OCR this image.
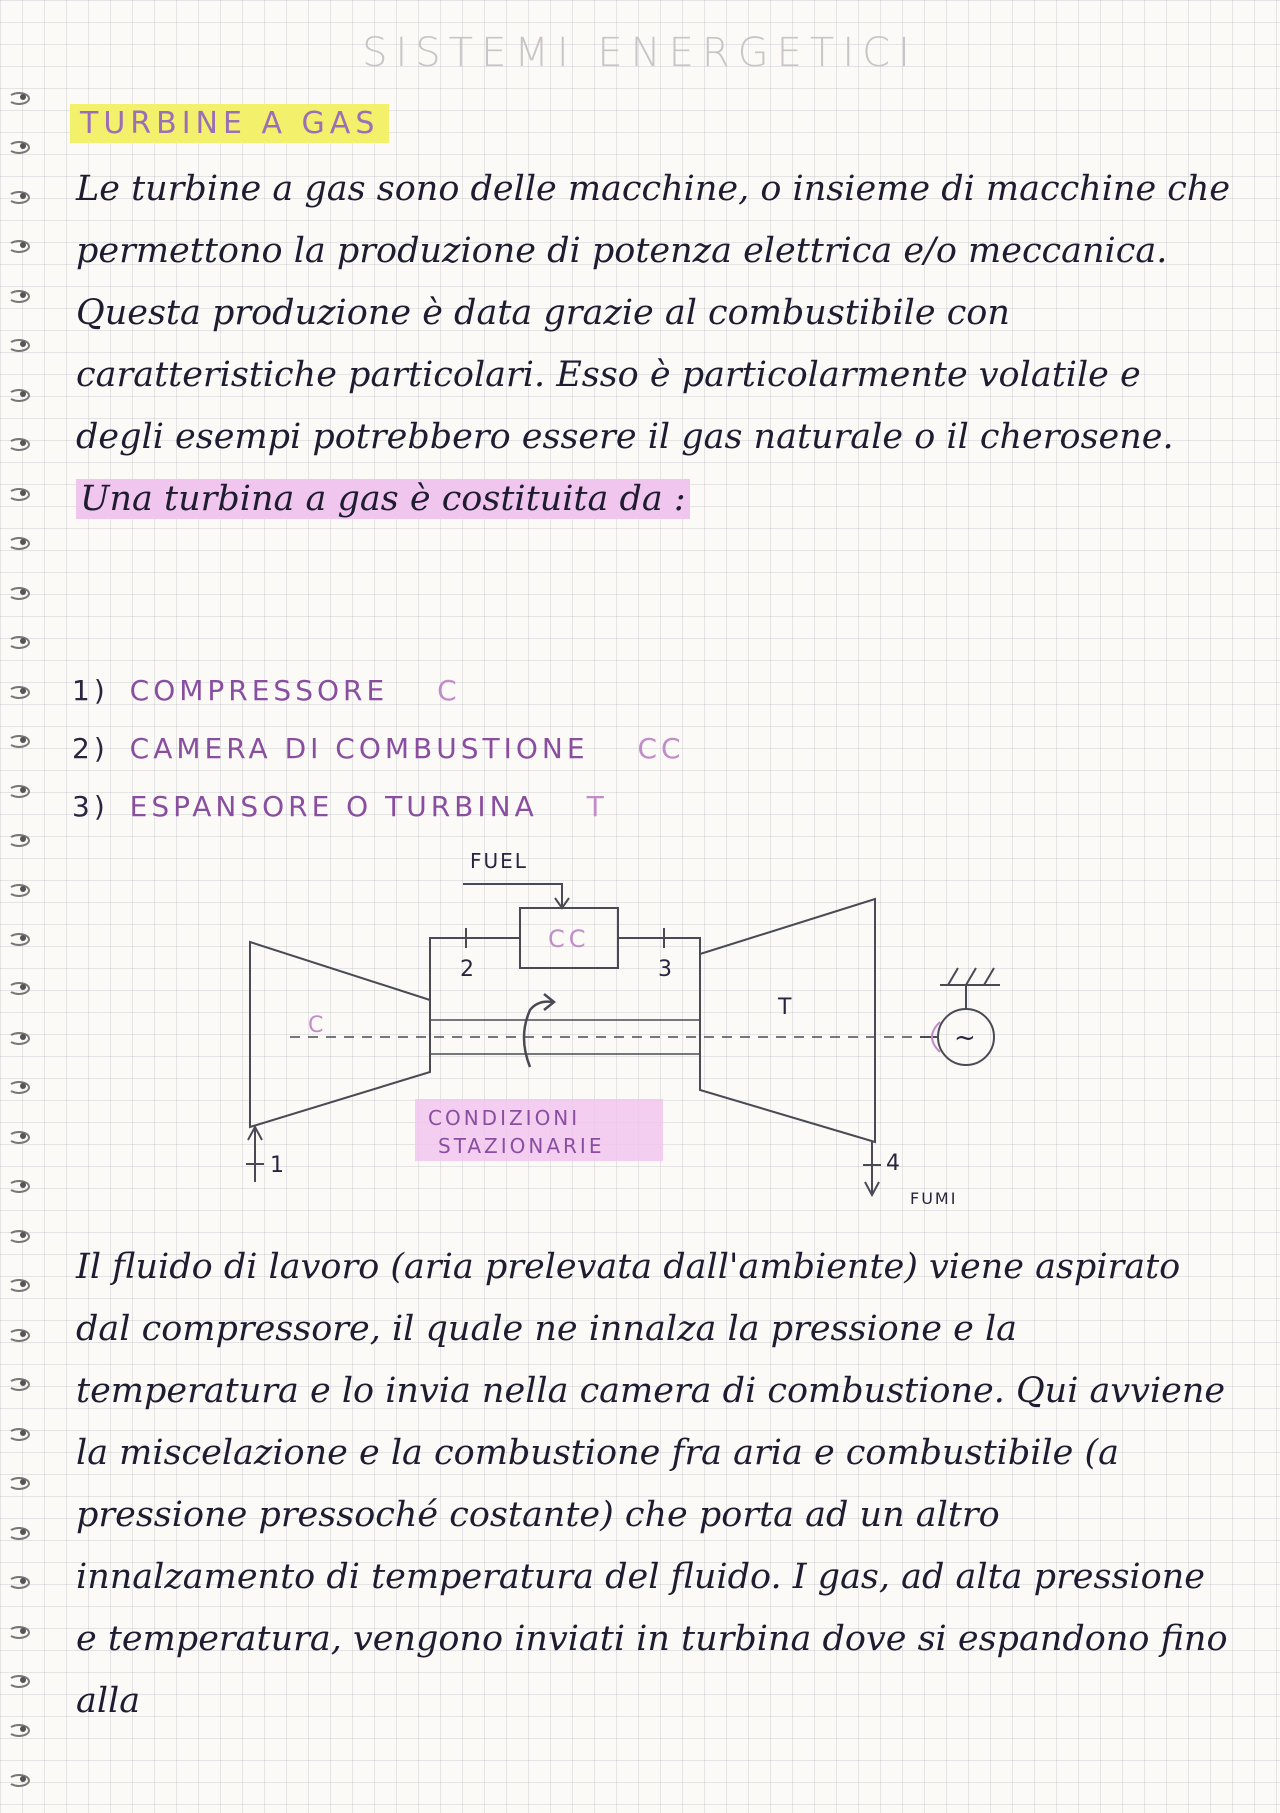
SISTEMI ENERGETICI
TURBINE A GAS
Le turbine a gas sono delle macchine, o insieme di macchine che permettono la produzione di potenza elettrica e/o meccanica. Questa produzione è data grazie al combustibile con caratteristiche particolari. Esso è particolarmente volatile e degli esempi potrebbero essere il gas naturale o il cherosene. Una turbina a gas è costituita da :
1) COMPRESSORE C
2) CAMERA DI COMBUSTIONE CC
3) ESPANSORE O TURBINA T
FUEL
CC
C
T
2	3
1	4
FUMI
CONDIZIONI
STAZIONARIE
~
Il fluido di lavoro (aria prelevata dall'ambiente) viene aspirato dal compressore, il quale ne innalza la pressione e la temperatura e lo invia nella camera di combustione. Qui avviene la miscelazione e la combustione fra aria e combustibile (a pressione pressoché costante) che porta ad un altro innalzamento di temperatura del fluido. I gas, ad alta pressione e temperatura, vengono inviati in turbina dove si espandono fino alla
